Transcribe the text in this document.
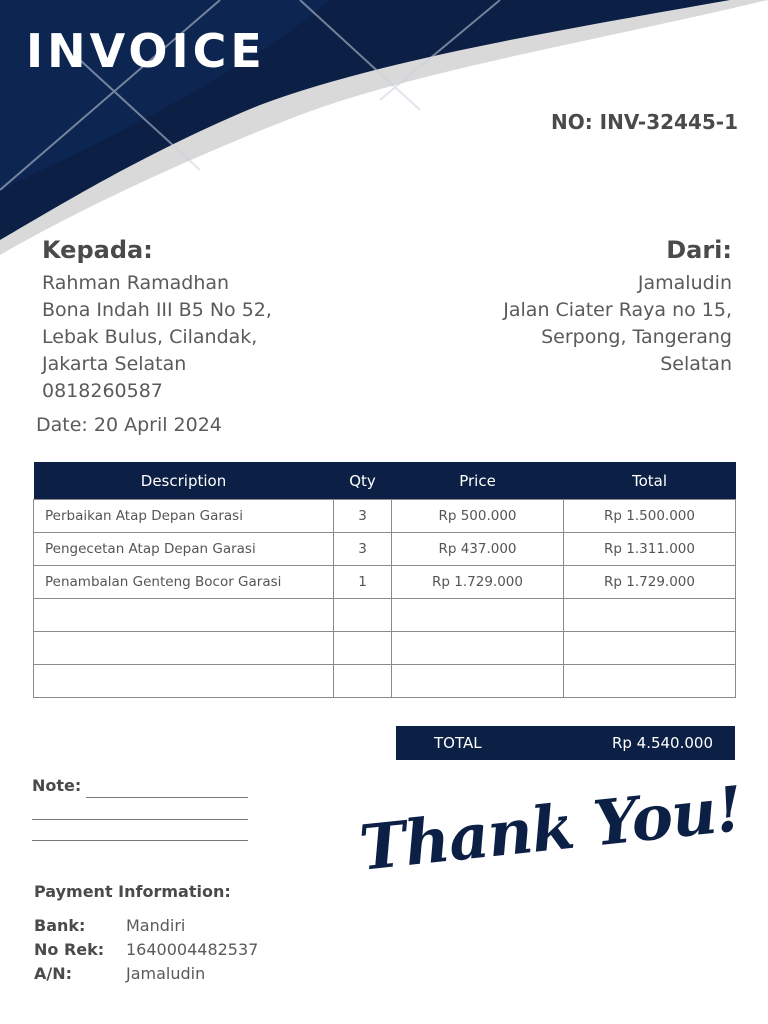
INVOICE
NO: INV-32445-1
Kepada:
Rahman Ramadhan
Bona Indah III B5 No 52,
Lebak Bulus, Cilandak,
Jakarta Selatan
0818260587
Dari:
Jamaludin
Jalan Ciater Raya no 15,
Serpong, Tangerang
Selatan
Date: 20 April 2024
Description	Qty	Price	Total
Perbaikan Atap Depan Garasi	3	Rp 500.000	Rp 1.500.000
Pengecetan Atap Depan Garasi	3	Rp 437.000	Rp 1.311.000
Penambalan Genteng Bocor Garasi	1	Rp 1.729.000	Rp 1.729.000

TOTAL	Rp 4.540.000
Note:
Payment Information:
Bank:	Mandiri
No Rek: 1640004482537
A/N:	Jamaludin
Thank You!
